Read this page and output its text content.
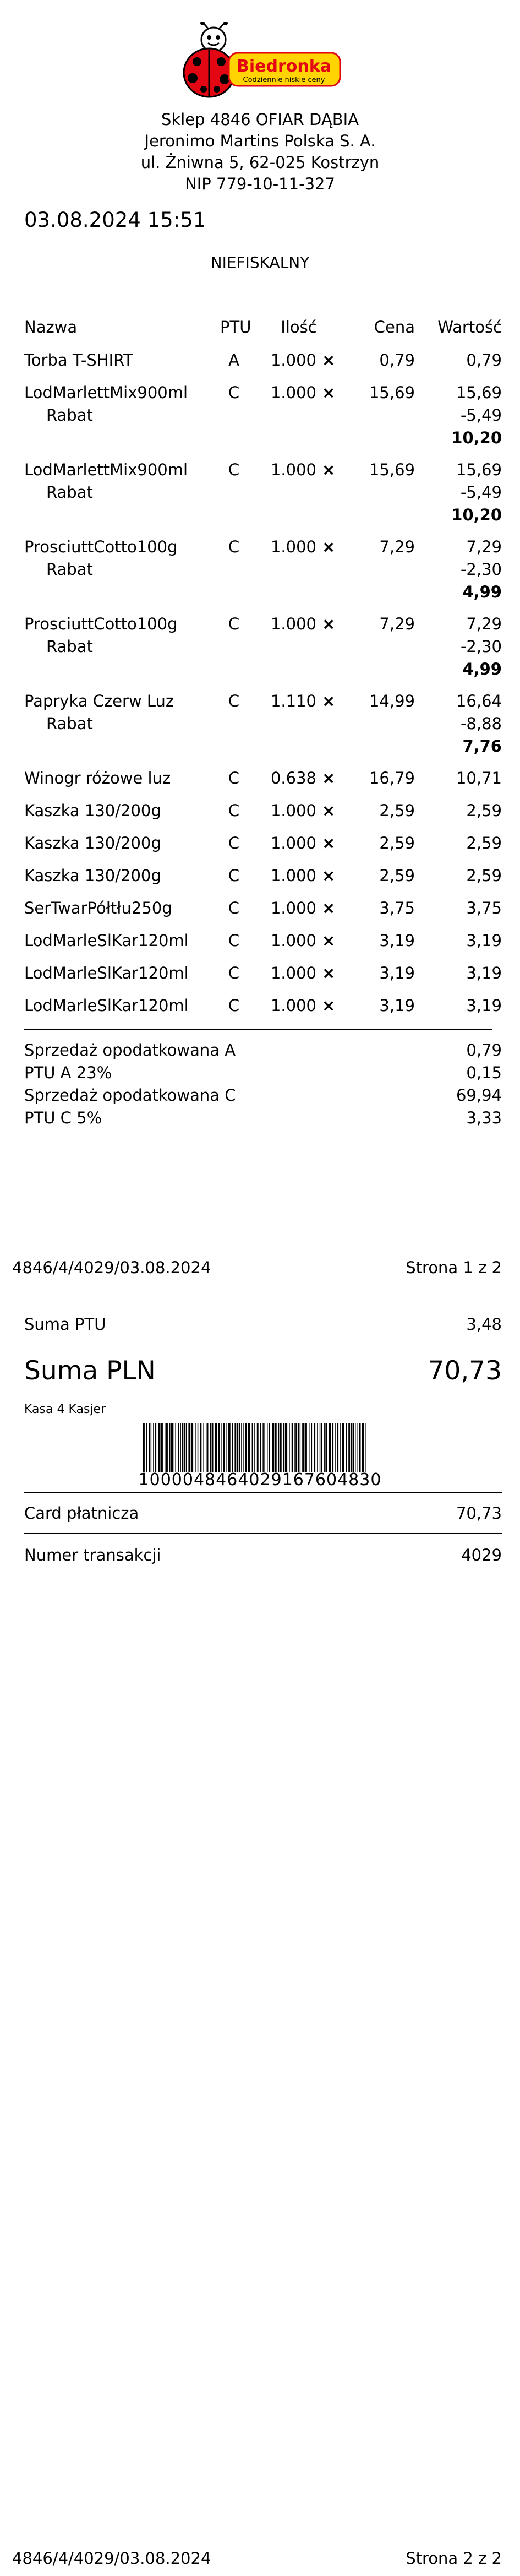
Biedronka
Codziennie niskie ceny
Sklep 4846 OFIAR DĄBIA
Jeronimo Martins Polska S. A.
ul. Żniwna 5, 62-025 Kostrzyn
NIP 779-10-11-327
03.08.2024 15:51
NIEFISKALNY
Nazwa	PTU	Ilość	Cena	Wartość
Torba T-SHIRT	A	1.000 ×	0,79	0,79
LodMarlettMix900ml	C	1.000 ×	15,69	15,69
Rabat	-5,49
10,20
LodMarlettMix900ml	C	1.000 ×	15,69	15,69
Rabat	-5,49
10,20
ProsciuttCotto100g	C	1.000 ×	7,29	7,29
Rabat	-2,30
4,99
ProsciuttCotto100g	C	1.000 ×	7,29	7,29
Rabat	-2,30
4,99
Papryka Czerw Luz	C	1.110 ×	14,99	16,64
Rabat	-8,88
7,76
Winogr różowe luz	C	0.638 ×	16,79	10,71
Kaszka 130/200g	C	1.000 ×	2,59	2,59
Kaszka 130/200g	C	1.000 ×	2,59	2,59
Kaszka 130/200g	C	1.000 ×	2,59	2,59
SerTwarPółtłu250g	C	1.000 ×	3,75	3,75
LodMarleSlKar120ml	C	1.000 ×	3,19	3,19
LodMarleSlKar120ml	C	1.000 ×	3,19	3,19
LodMarleSlKar120ml	C	1.000 ×	3,19	3,19
Sprzedaż opodatkowana A	0,79
PTU A 23%	0,15
Sprzedaż opodatkowana C	69,94
PTU C 5%	3,33
4846/4/4029/03.08.2024	Strona 1 z 2
Suma PTU	3,48
Suma PLN	70,73
Kasa 4 Kasjer
10000484640291676048​30
Card płatnicza	70,73
Numer transakcji	4029
4846/4/4029/03.08.2024	Strona 2 z 2
